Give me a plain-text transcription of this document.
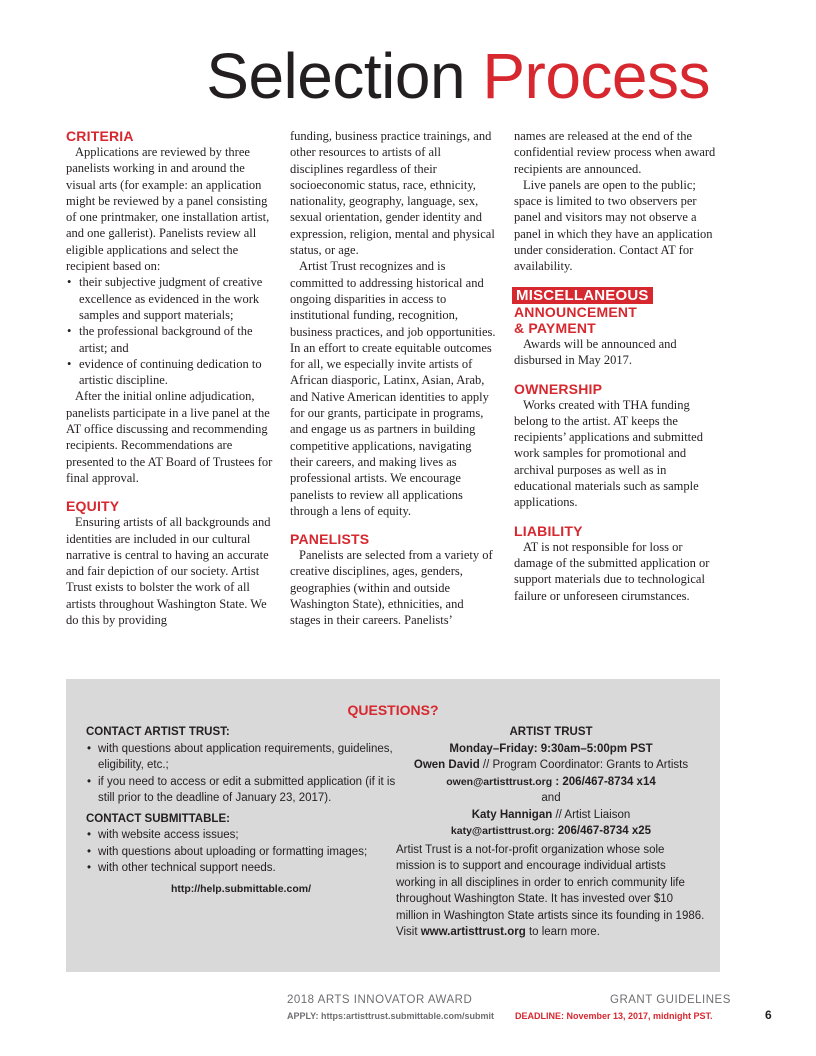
Selection Process
CRITERIA

Applications are reviewed by three panelists working in and around the visual arts (for example: an application might be reviewed by a panel consisting of one printmaker, one installation artist, and one gallerist). Panelists review all eligible applications and select the recipient based on:

• their subjective judgment of creative excellence as evidenced in the work samples and support materials;
• the professional background of the artist; and
• evidence of continuing dedication to artistic discipline.

After the initial online adjudication, panelists participate in a live panel at the AT office discussing and recommending recipients. Recommendations are presented to the AT Board of Trustees for final approval.

EQUITY

Ensuring artists of all backgrounds and identities are included in our cultural narrative is central to having an accurate and fair depiction of our society. Artist Trust exists to bolster the work of all artists throughout Washington State. We do this by providing

funding, business practice trainings, and other resources to artists of all disciplines regardless of their socioeconomic status, race, ethnicity, nationality, geography, language, sex, sexual orientation, gender identity and expression, religion, mental and physical status, or age.

Artist Trust recognizes and is committed to addressing historical and ongoing disparities in access to institutional funding, recognition, business practices, and job opportunities. In an effort to create equitable outcomes for all, we especially invite artists of African diasporic, Latinx, Asian, Arab, and Native American identities to apply for our grants, participate in programs, and engage us as partners in building competitive applications, navigating their careers, and making lives as professional artists. We encourage panelists to review all applications through a lens of equity.

PANELISTS

Panelists are selected from a variety of creative disciplines, ages, genders, geographies (within and outside Washington State), ethnicities, and stages in their careers. Panelists’

names are released at the end of the confidential review process when award recipients are announced.

Live panels are open to the public; space is limited to two observers per panel and visitors may not observe a panel in which they have an application under consideration. Contact AT for availability.

MISCELLANEOUS
ANNOUNCEMENT
& PAYMENT

Awards will be announced and disbursed in May 2017.

OWNERSHIP

Works created with THA funding belong to the artist. AT keeps the recipients’ applications and submitted work samples for promotional and archival purposes as well as in educational materials such as sample applications.

LIABILITY

AT is not responsible for loss or damage of the submitted application or support materials due to technological failure or unforeseen cirumstances.

QUESTIONS?

CONTACT ARTIST TRUST:

• with questions about application requirements, guidelines, eligibility, etc.;
• if you need to access or edit a submitted application (if it is still prior to the deadline of January 23, 2017).

CONTACT SUBMITTABLE:

• with website access issues;
• with questions about uploading or formatting images;
• with other technical support needs.
http://help.submittable.com/
ARTIST TRUST
Monday–Friday: 9:30am–5:00pm PST
Owen David // Program Coordinator: Grants to Artists
owen@artisttrust.org : 206/467-8734 x14
and
Katy Hannigan // Artist Liaison
katy@artisttrust.org: 206/467-8734 x25
Artist Trust is a not-for-profit organization whose sole mission is to support and encourage individual artists working in all disciplines in order to enrich community life throughout Washington State. It has invested over $10 million in Washington State artists since its founding in 1986. Visit www.artisttrust.org to learn more.
2018 ARTS INNOVATOR AWARD	GRANT GUIDELINES
APPLY: https:artisttrust.submittable.com/submit DEADLINE: November 13, 2017, midnight PST.	6
